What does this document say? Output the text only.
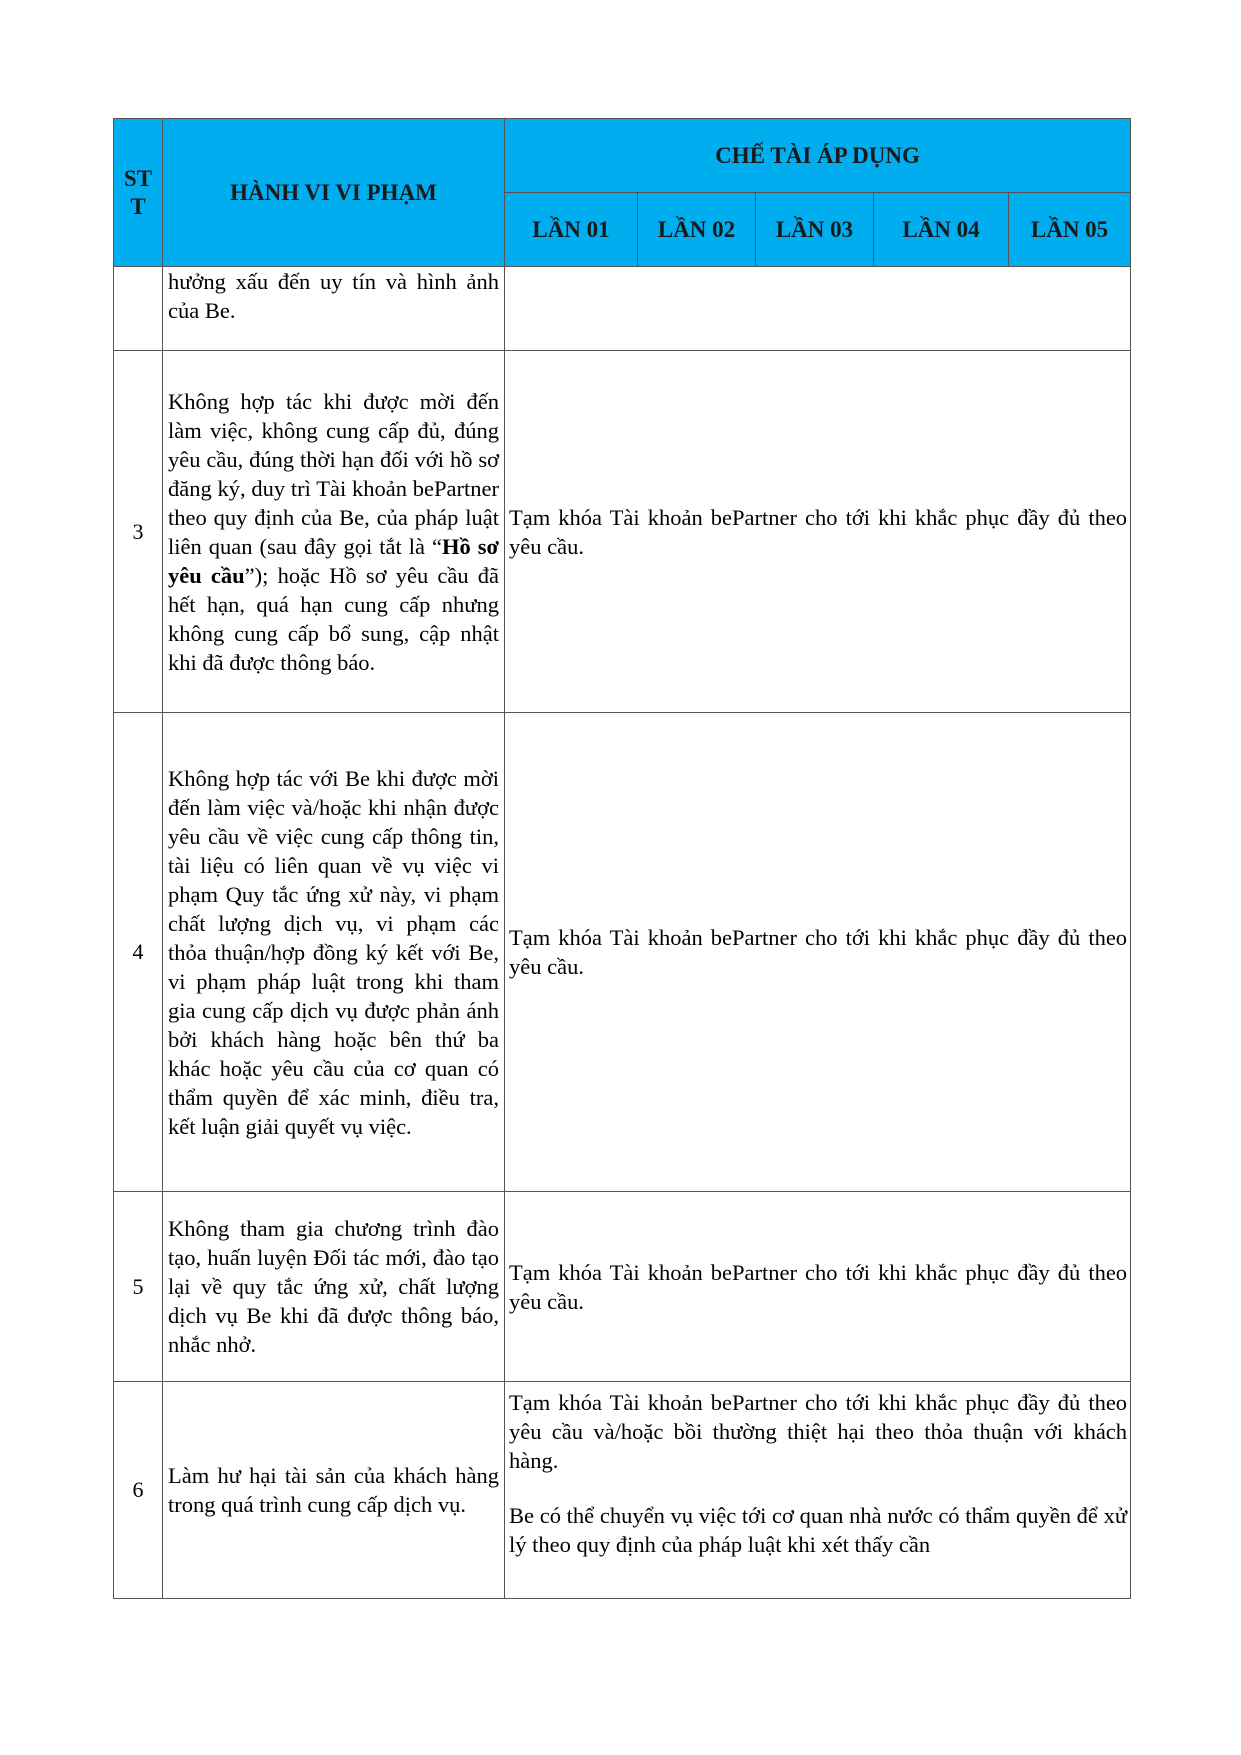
ST T	HÀNH VI VI PHẠM	CHẾ TÀI ÁP DỤNG				
		LẦN 01	LẦN 02	LẦN 03	LẦN 04	LẦN 05
	hưởng xấu đến uy tín và hình ảnh của Be.					
3	Không hợp tác khi được mời đến làm việc, không cung cấp đủ, đúng yêu cầu, đúng thời hạn đối với hồ sơ đăng ký, duy trì Tài khoản bePartner theo quy định của Be, của pháp luật liên quan (sau đây gọi tắt là “Hồ sơ yêu cầu”); hoặc Hồ sơ yêu cầu đã hết hạn, quá hạn cung cấp nhưng không cung cấp bổ sung, cập nhật khi đã được thông báo.	Tạm khóa Tài khoản bePartner cho tới khi khắc phục đầy đủ theo yêu cầu.				
4	Không hợp tác với Be khi được mời đến làm việc và/hoặc khi nhận được yêu cầu về việc cung cấp thông tin, tài liệu có liên quan về vụ việc vi phạm Quy tắc ứng xử này, vi phạm chất lượng dịch vụ, vi phạm các thỏa thuận/hợp đồng ký kết với Be, vi phạm pháp luật trong khi tham gia cung cấp dịch vụ được phản ánh bởi khách hàng hoặc bên thứ ba khác hoặc yêu cầu của cơ quan có thẩm quyền để xác minh, điều tra, kết luận giải quyết vụ việc.	Tạm khóa Tài khoản bePartner cho tới khi khắc phục đầy đủ theo yêu cầu.				
5	Không tham gia chương trình đào tạo, huấn luyện Đối tác mới, đào tạo lại về quy tắc ứng xử, chất lượng dịch vụ Be khi đã được thông báo, nhắc nhở.	Tạm khóa Tài khoản bePartner cho tới khi khắc phục đầy đủ theo yêu cầu.				
6	Làm hư hại tài sản của khách hàng trong quá trình cung cấp dịch vụ.	Tạm khóa Tài khoản bePartner cho tới khi khắc phục đầy đủ theo yêu cầu và/hoặc bồi thường thiệt hại theo thỏa thuận với khách hàng.

Be có thể chuyển vụ việc tới cơ quan nhà nước có thẩm quyền để xử lý theo quy định của pháp luật khi xét thấy cần				
